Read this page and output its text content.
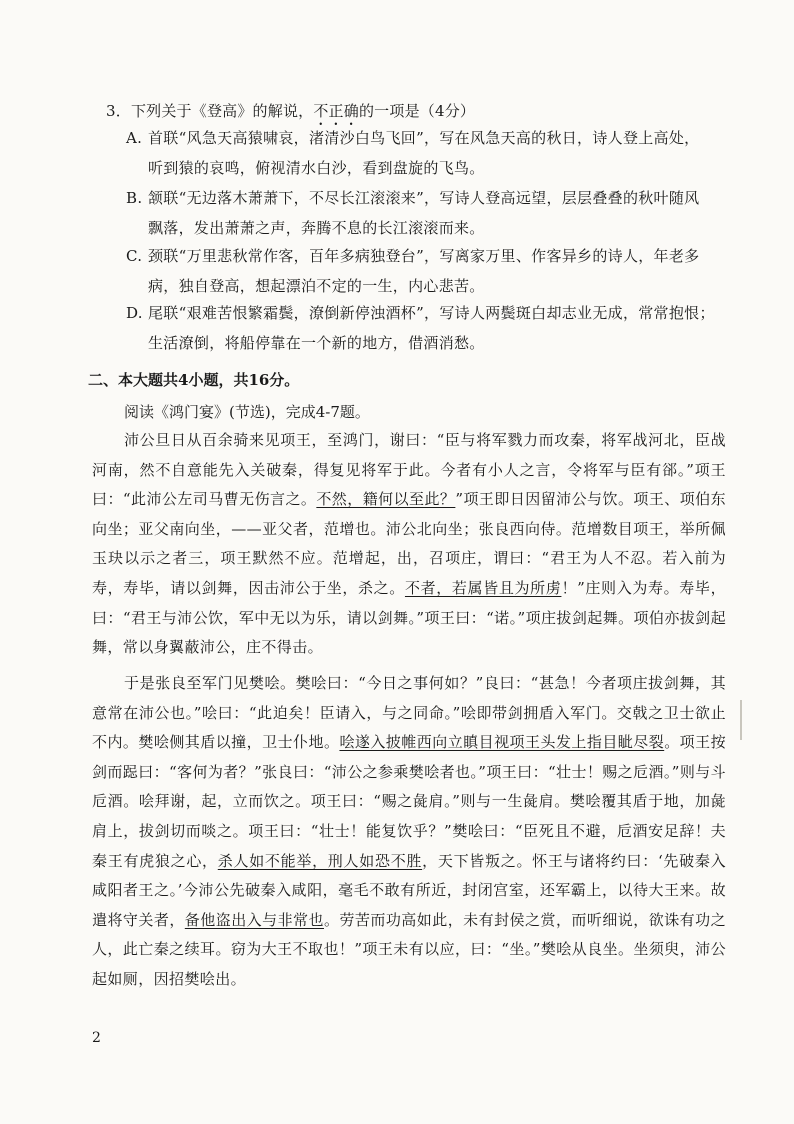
3．下列关于《登高》的解说，不正确的一项是（4分）
A. 首联“风急天高猿啸哀，渚清沙白鸟飞回”，写在风急天高的秋日，诗人登上高处，
听到猿的哀鸣，俯视清水白沙，看到盘旋的飞鸟。
B. 颔联“无边落木萧萧下，不尽长江滚滚来”，写诗人登高远望，层层叠叠的秋叶随风
飘落，发出萧萧之声，奔腾不息的长江滚滚而来。
C. 颈联“万里悲秋常作客，百年多病独登台”，写离家万里、作客异乡的诗人，年老多
病，独自登高，想起漂泊不定的一生，内心悲苦。
D. 尾联“艰难苦恨繁霜鬓，潦倒新停浊酒杯”，写诗人两鬓斑白却志业无成，常常抱恨；
生活潦倒，将船停靠在一个新的地方，借酒消愁。
二、本大题共4小题，共16分。
阅读《鸿门宴》(节选)，完成4-7题。

沛公旦日从百余骑来见项王，至鸿门，谢曰：“臣与将军戮力而攻秦，将军战河北，臣战河南，然不自意能先入关破秦，得复见将军于此。今者有小人之言，令将军与臣有郤。”项王曰：“此沛公左司马曹无伤言之。不然，籍何以至此？”项王即日因留沛公与饮。项王、项伯东向坐；亚父南向坐，——亚父者，范增也。沛公北向坐；张良西向侍。范增数目项王，举所佩玉玦以示之者三，项王默然不应。范增起，出，召项庄，谓曰：“君王为人不忍。若入前为寿，寿毕，请以剑舞，因击沛公于坐，杀之。不者，若属皆且为所虏！”庄则入为寿。寿毕，曰：“君王与沛公饮，军中无以为乐，请以剑舞。”项王曰：“诺。”项庄拔剑起舞。项伯亦拔剑起舞，常以身翼蔽沛公，庄不得击。

于是张良至军门见樊哙。樊哙曰：“今日之事何如？”良曰：“甚急！今者项庄拔剑舞，其意常在沛公也。”哙曰：“此迫矣！臣请入，与之同命。”哙即带剑拥盾入军门。交戟之卫士欲止不内。樊哙侧其盾以撞，卫士仆地。哙遂入披帷西向立瞋目视项王头发上指目眦尽裂。项王按剑而跽曰：“客何为者？”张良曰：“沛公之参乘樊哙者也。”项王曰：“壮士！赐之卮酒。”则与斗卮酒。哙拜谢，起，立而饮之。项王曰：“赐之彘肩。”则与一生彘肩。樊哙覆其盾于地，加彘肩上，拔剑切而啖之。项王曰：“壮士！能复饮乎？”樊哙曰：“臣死且不避，卮酒安足辞！夫秦王有虎狼之心，杀人如不能举，刑人如恐不胜，天下皆叛之。怀王与诸将约曰：‘先破秦入咸阳者王之。’今沛公先破秦入咸阳，毫毛不敢有所近，封闭宫室，还军霸上，以待大王来。故遣将守关者，备他盗出入与非常也。劳苦而功高如此，未有封侯之赏，而听细说，欲诛有功之人，此亡秦之续耳。窃为大王不取也！”项王未有以应，曰：“坐。”樊哙从良坐。坐须臾，沛公起如厕，因招樊哙出。

2
